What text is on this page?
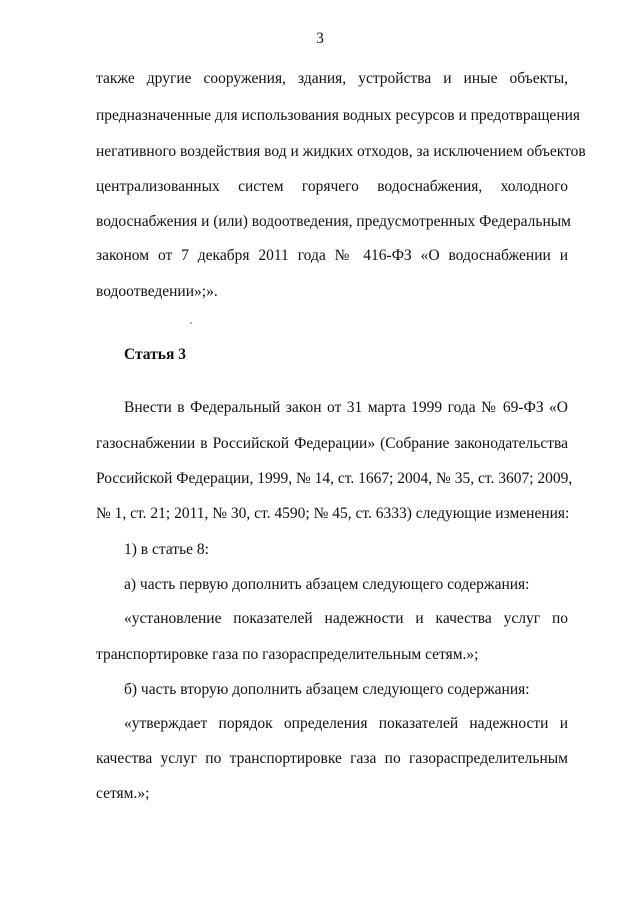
3
также другие сооружения, здания, устройства и иные объекты,
предназначенные для использования водных ресурсов и предотвращения
негативного воздействия вод и жидких отходов, за исключением объектов
централизованных систем горячего водоснабжения, холодного
водоснабжения и (или) водоотведения, предусмотренных Федеральным
законом от 7 декабря 2011 года № 416-ФЗ «О водоснабжении и
водоотведении»;».
Статья 3
Внести в Федеральный закон от 31 марта 1999 года № 69-ФЗ «О
газоснабжении в Российской Федерации» (Собрание законодательства
Российской Федерации, 1999, № 14, ст. 1667; 2004, № 35, ст. 3607; 2009,
№ 1, ст. 21; 2011, № 30, ст. 4590; № 45, ст. 6333) следующие изменения:
1) в статье 8:
а) часть первую дополнить абзацем следующего содержания:
«установление показателей надежности и качества услуг по
транспортировке газа по газораспределительным сетям.»;
б) часть вторую дополнить абзацем следующего содержания:
«утверждает порядок определения показателей надежности и
качества услуг по транспортировке газа по газораспределительным
сетям.»;
